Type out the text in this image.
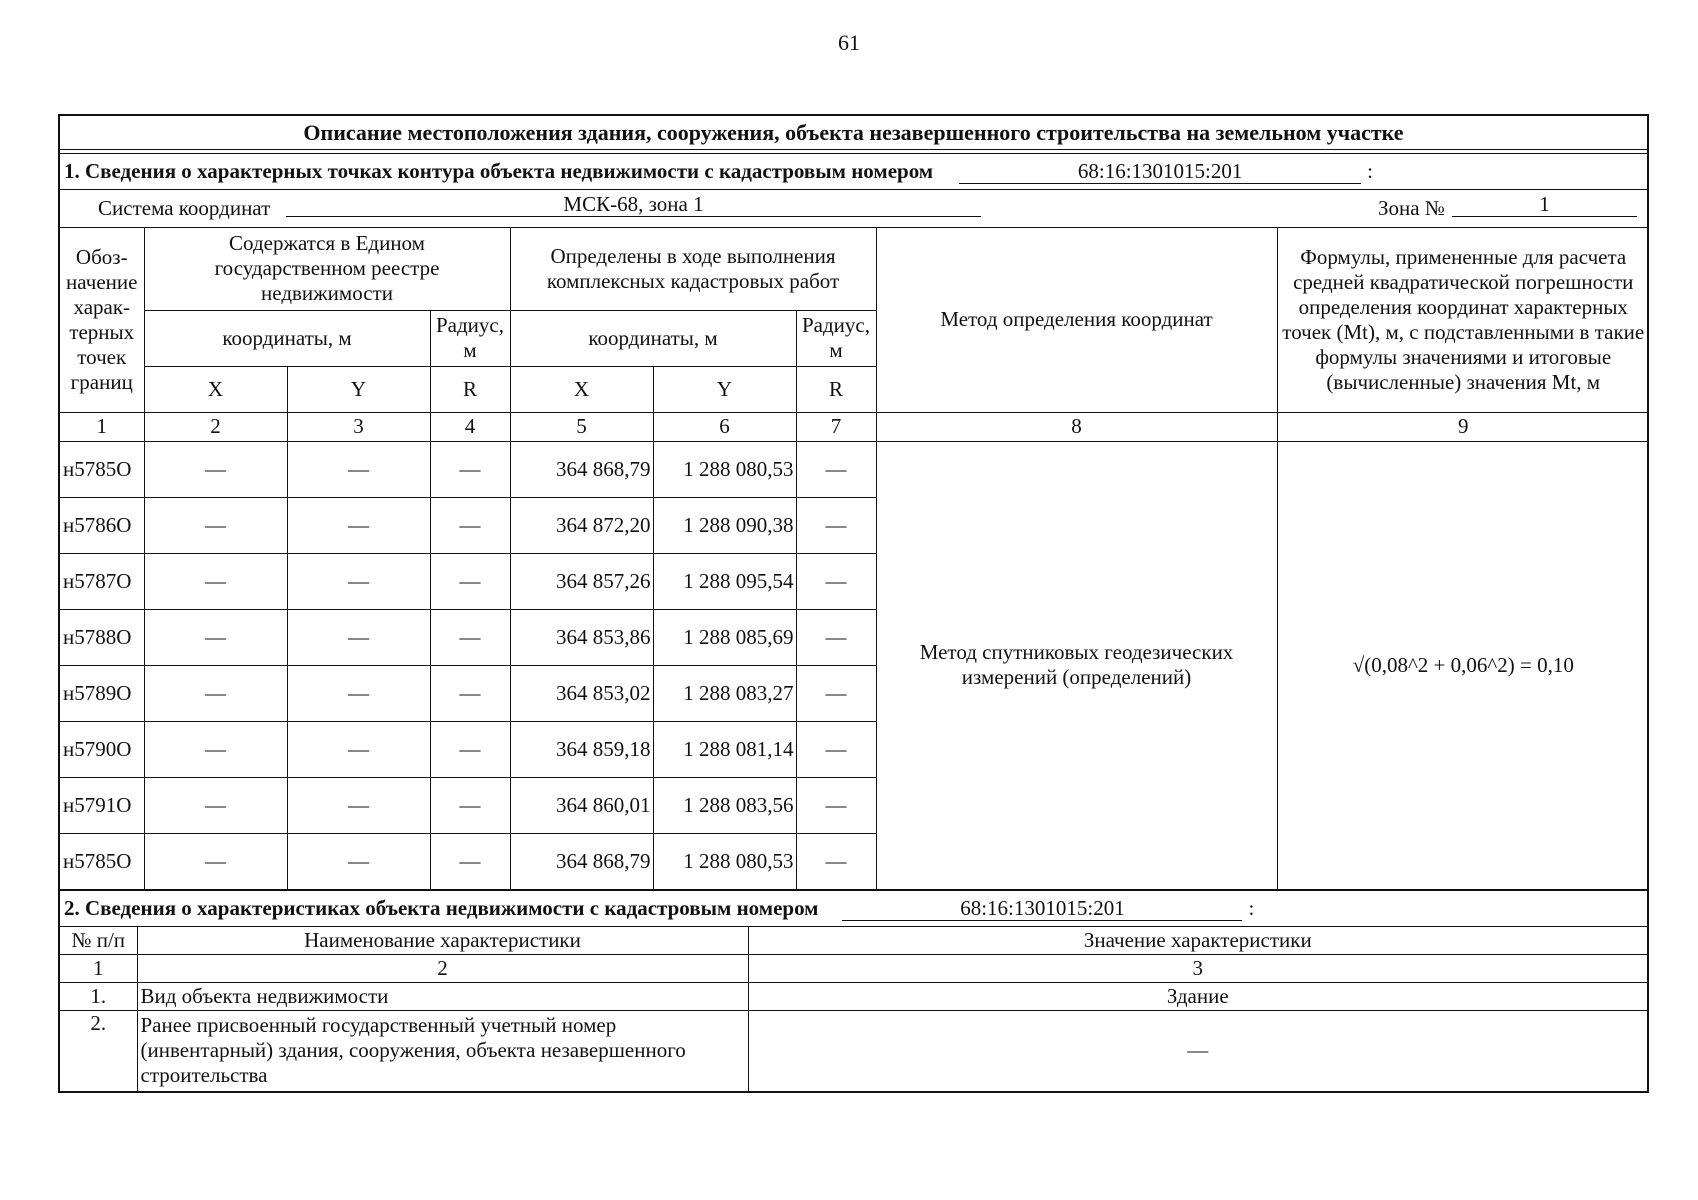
61
Описание местоположения здания, сооружения, объекта незавершенного строительства на земельном участке
1. Сведения о характерных точках контура объекта недвижимости с кадастровым номером	68:16:1301015:201	:
Система координат	МСК-68, зона 1	Зона №	1
Обоз-начение харак-терных точек границ	Содержатся в Едином государственном реестре недвижимости			Определены в ходе выполнения комплексных кадастровых работ			Метод определения координат	Формулы, примененные для расчета средней квадратической погрешности определения координат характерных точек (Mt), м, с подставленными в такие формулы значениями и итоговые (вычисленные) значения Mt, м
	координаты, м		Радиус, м	координаты, м		Радиус, м		
	X	Y	R	X	Y	R		
1	2	3	4	5	6	7	8	9
н5785О	—	—	—	364 868,79	1 288 080,53	—	Метод спутниковых геодезических измерений (определений)	√(0,08^2 + 0,06^2) = 0,10
н5786О	—	—	—	364 872,20	1 288 090,38	—		
н5787О	—	—	—	364 857,26	1 288 095,54	—		
н5788О	—	—	—	364 853,86	1 288 085,69	—		
н5789О	—	—	—	364 853,02	1 288 083,27	—		
н5790О	—	—	—	364 859,18	1 288 081,14	—		
н5791О	—	—	—	364 860,01	1 288 083,56	—		
н5785О	—	—	—	364 868,79	1 288 080,53	—		
2. Сведения о характеристиках объекта недвижимости с кадастровым номером	68:16:1301015:201	:
№ п/п	Наименование характеристики	Значение характеристики
1	2	3
1.	Вид объекта недвижимости	Здание
2.	Ранее присвоенный государственный учетный номер (инвентарный) здания, сооружения, объекта незавершенного строительства	—
